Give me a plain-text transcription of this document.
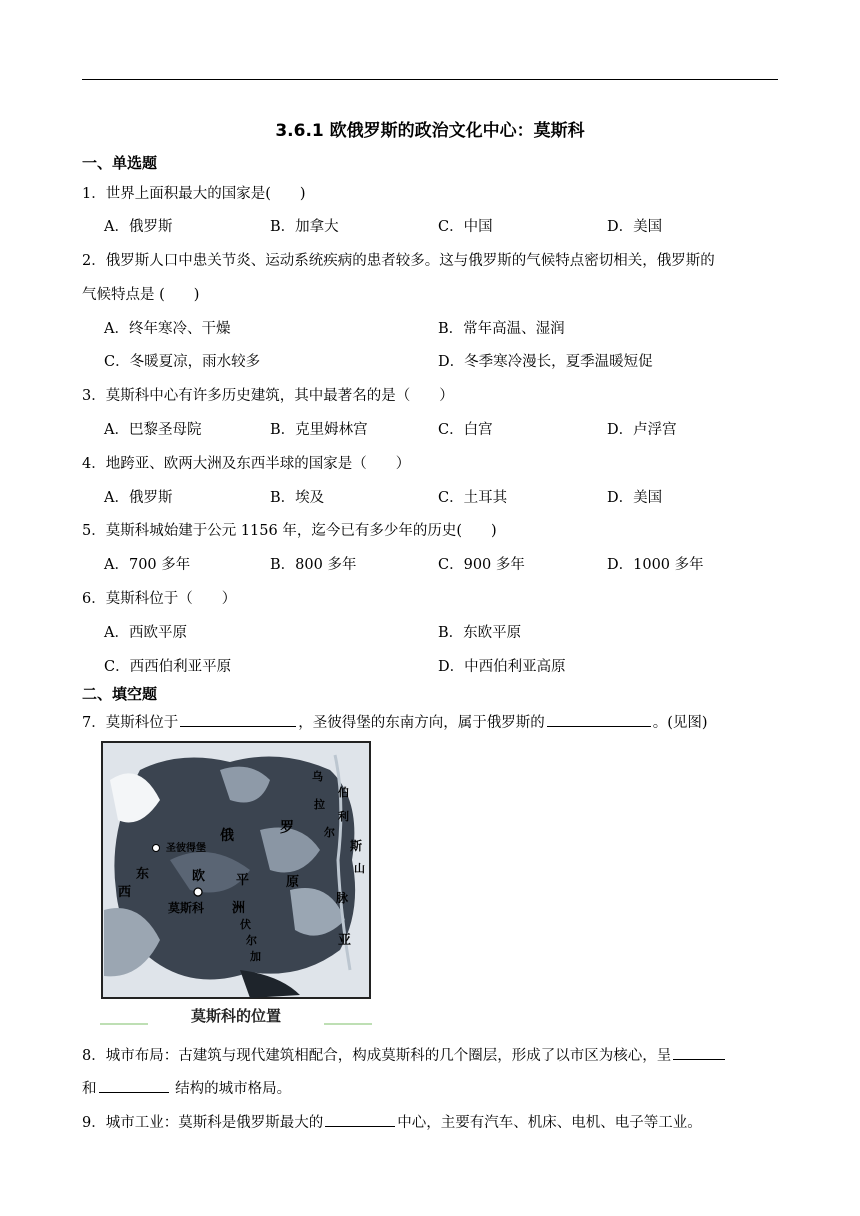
3.6.1 欧俄罗斯的政治文化中心：莫斯科
一、单选题
1．世界上面积最大的国家是(　　)
A．俄罗斯	B．加拿大	C．中国	D．美国
2．俄罗斯人口中患关节炎、运动系统疾病的患者较多。这与俄罗斯的气候特点密切相关，俄罗斯的
气候特点是 (　　)
A．终年寒冷、干燥	B．常年高温、湿润
C．冬暖夏凉，雨水较多	D．冬季寒冷漫长，夏季温暖短促
3．莫斯科中心有许多历史建筑，其中最著名的是（　　）
A．巴黎圣母院	B．克里姆林宫	C．白宫	D．卢浮宫
4．地跨亚、欧两大洲及东西半球的国家是（　　）
A．俄罗斯	B．埃及	C．土耳其	D．美国
5．莫斯科城始建于公元 1156 年，迄今已有多少年的历史(　　)
A．700 多年	B．800 多年	C．900 多年	D．1000 多年
6．莫斯科位于（　　）
A．西欧平原	B．东欧平原
C．西西伯利亚平原	D．中西伯利亚高原
二、填空题
7．莫斯科位于	，圣彼得堡的东南方向，属于俄罗斯的	。(见图)
俄	罗
斯
圣彼得堡
东	欧 平	原
西
莫斯科 洲
伯
利
亚
山
脉
乌
拉
尔
伏
尔
加
莫斯科的位置
8．城市布局：古建筑与现代建筑相配合，构成莫斯科的几个圈层，形成了以市区为核心，呈
和	结构的城市格局。
9．城市工业：莫斯科是俄罗斯最大的	中心，主要有汽车、机床、电机、电子等工业。
